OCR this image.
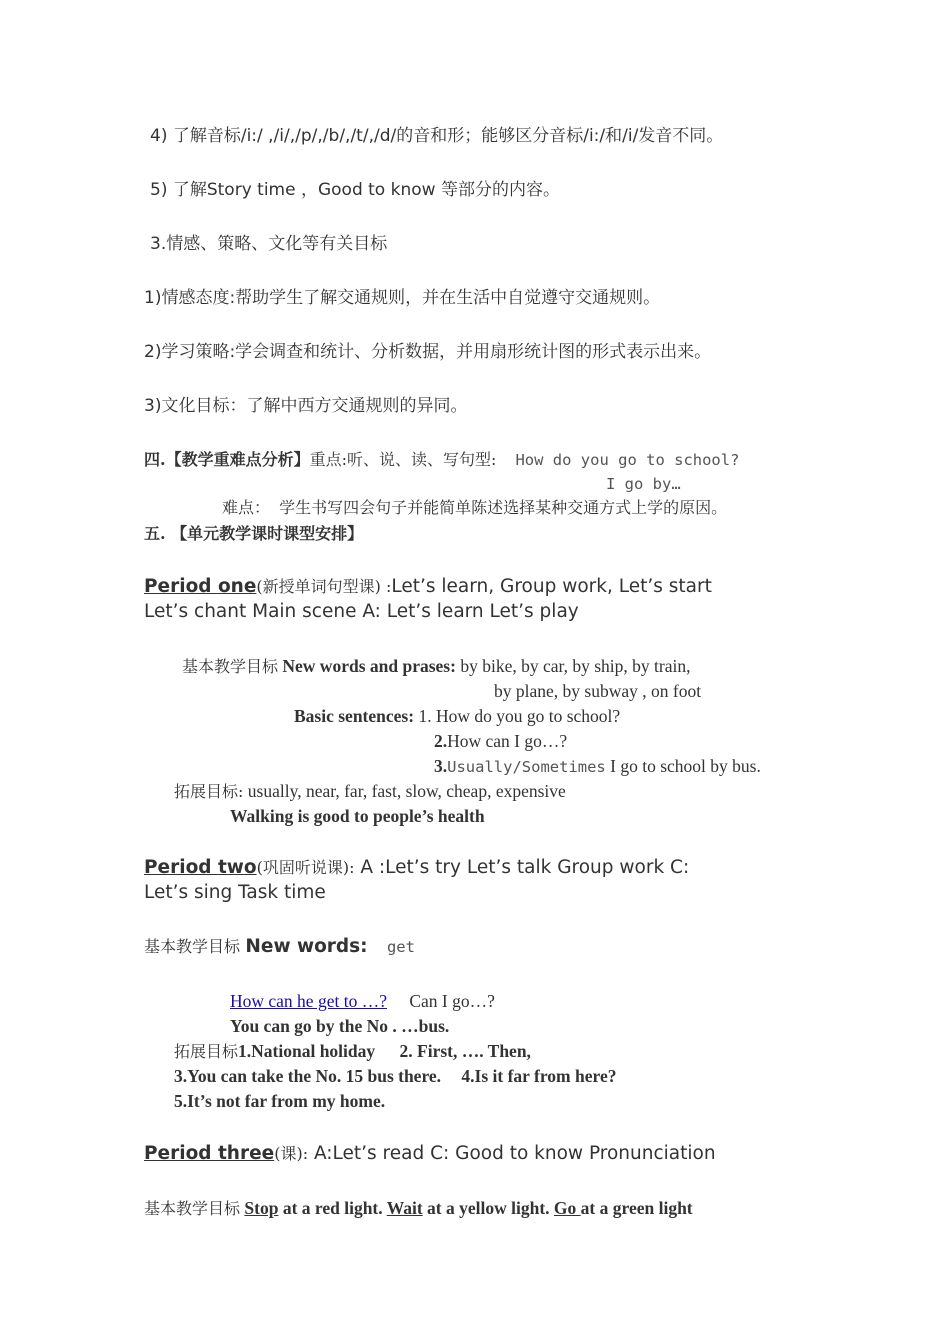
4) 了解音标/i:/ ,/i/,/p/,/b/,/t/,/d/的音和形；能够区分音标/i:/和/i/发音不同。
5) 了解Story time ，Good to know 等部分的内容。
3.情感、策略、文化等有关目标
1)情感态度:帮助学生了解交通规则，并在生活中自觉遵守交通规则。
2)学习策略:学会调查和统计、分析数据，并用扇形统计图的形式表示出来。
3)文化目标：了解中西方交通规则的异同。
四.【教学重难点分析】重点:听、说、读、写句型: How do you go to school?
I go by…
难点： 学生书写四会句子并能简单陈述选择某种交通方式上学的原因。
五. 【单元教学课时课型安排】
Period one(新授单词句型课) :Let’s learn, Group work, Let’s start
Let’s chant Main scene A: Let’s learn Let’s play
基本教学目标 New words and prases: by bike, by car, by ship, by train,
by plane, by subway , on foot
Basic sentences: 1. How do you go to school?
2.How can I go…?
3.Usually/Sometimes I go to school by bus.
拓展目标: usually, near, far, fast, slow, cheap, expensive
Walking is good to people’s health
Period two(巩固听说课): A :Let’s try Let’s talk Group work C:
Let’s sing Task time
基本教学目标 New words: get
How can he get to …? Can I go…?
You can go by the No . …bus.
拓展目标1.National holiday 2. First, …. Then,
3.You can take the No. 15 bus there. 4.Is it far from here?
5.It’s not far from my home.
Period three(课): A:Let’s read C: Good to know Pronunciation
基本教学目标 Stop at a red light. Wait at a yellow light. Go at a green light
